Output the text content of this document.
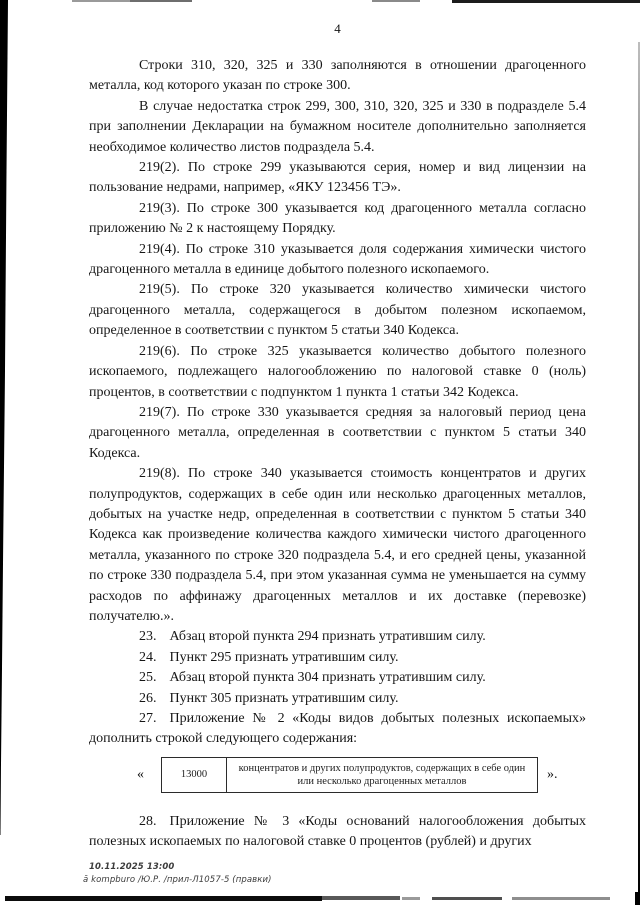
4

Строки 310, 320, 325 и 330 заполняются в отношении драгоценного металла, код которого указан по строке 300.

В случае недостатка строк 299, 300, 310, 320, 325 и 330 в подразделе 5.4 при заполнении Декларации на бумажном носителе дополнительно заполняется необходимое количество листов подраздела 5.4.

219(2). По строке 299 указываются серия, номер и вид лицензии на пользование недрами, например, «ЯКУ 123456 ТЭ».

219(3). По строке 300 указывается код драгоценного металла согласно приложению № 2 к настоящему Порядку.

219(4). По строке 310 указывается доля содержания химически чистого драгоценного металла в единице добытого полезного ископаемого.

219(5). По строке 320 указывается количество химически чистого драгоценного металла, содержащегося в добытом полезном ископаемом, определенное в соответствии с пунктом 5 статьи 340 Кодекса.

219(6). По строке 325 указывается количество добытого полезного ископаемого, подлежащего налогообложению по налоговой ставке 0 (ноль) процентов, в соответствии с подпунктом 1 пункта 1 статьи 342 Кодекса.

219(7). По строке 330 указывается средняя за налоговый период цена драгоценного металла, определенная в соответствии с пунктом 5 статьи 340 Кодекса.

219(8). По строке 340 указывается стоимость концентратов и других полупродуктов, содержащих в себе один или несколько драгоценных металлов, добытых на участке недр, определенная в соответствии с пунктом 5 статьи 340 Кодекса как произведение количества каждого химически чистого драгоценного металла, указанного по строке 320 подраздела 5.4, и его средней цены, указанной по строке 330 подраздела 5.4, при этом указанная сумма не уменьшается на сумму расходов по аффинажу драгоценных металлов и их доставке (перевозке) получателю.».

23. Абзац второй пункта 294 признать утратившим силу.

24. Пункт 295 признать утратившим силу.

25. Абзац второй пункта 304 признать утратившим силу.

26. Пункт 305 признать утратившим силу.

27. Приложение № 2 «Коды видов добытых полезных ископаемых» дополнить строкой следующего содержания:

«	13000	концентратов и других полупродуктов, содержащих в себе один или несколько драгоценных металлов	».

28. Приложение № 3 «Коды оснований налогообложения добытых полезных ископаемых по налоговой ставке 0 процентов (рублей) и других

10.11.2025 13:00
ā kompburo /Ю.Р. /прил-Л1057-5 (правки)
